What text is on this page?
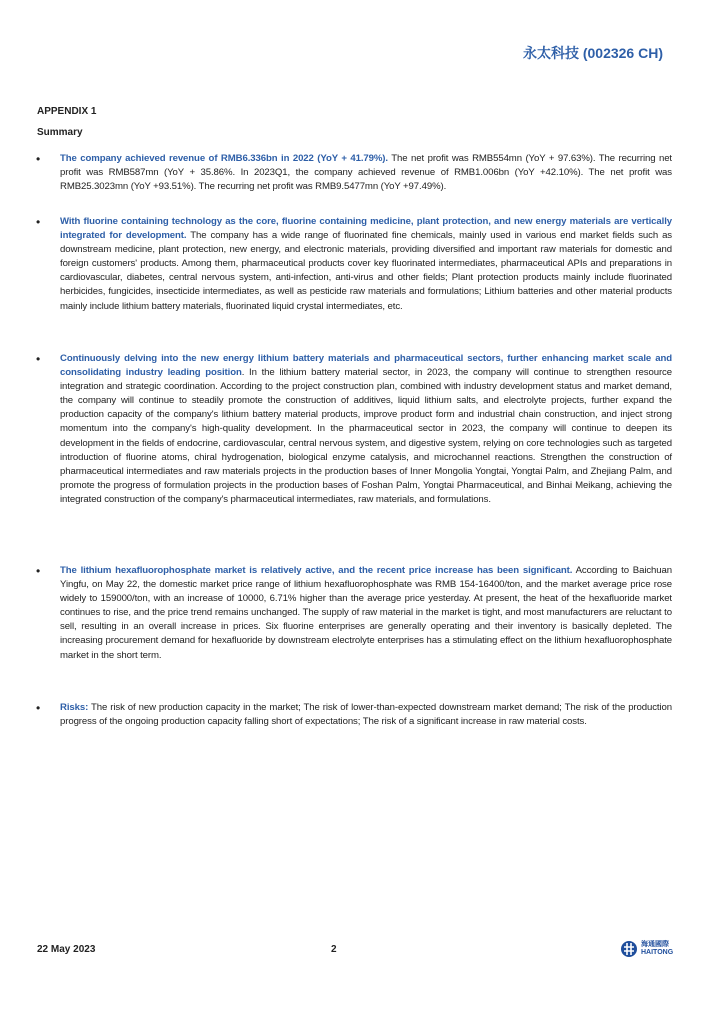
永太科技 (002326 CH)
APPENDIX 1
Summary
• The company achieved revenue of RMB6.336bn in 2022 (YoY + 41.79%). The net profit was RMB554mn (YoY + 97.63%). The recurring net profit was RMB587mn (YoY + 35.86%. In 2023Q1, the company achieved revenue of RMB1.006bn (YoY +42.10%). The net profit was RMB25.3023mn (YoY +93.51%). The recurring net profit was RMB9.5477mn (YoY +97.49%).
• With fluorine containing technology as the core, fluorine containing medicine, plant protection, and new energy materials are vertically integrated for development. The company has a wide range of fluorinated fine chemicals, mainly used in various end market fields such as downstream medicine, plant protection, new energy, and electronic materials, providing diversified and important raw materials for domestic and foreign customers' products. Among them, pharmaceutical products cover key fluorinated intermediates, pharmaceutical APIs and preparations in cardiovascular, diabetes, central nervous system, anti-infection, anti-virus and other fields; Plant protection products mainly include fluorinated herbicides, fungicides, insecticide intermediates, as well as pesticide raw materials and formulations; Lithium batteries and other material products mainly include lithium battery materials, fluorinated liquid crystal intermediates, etc.
• Continuously delving into the new energy lithium battery materials and pharmaceutical sectors, further enhancing market scale and consolidating industry leading position. In the lithium battery material sector, in 2023, the company will continue to strengthen resource integration and strategic coordination. According to the project construction plan, combined with industry development status and market demand, the company will continue to steadily promote the construction of additives, liquid lithium salts, and electrolyte projects, further expand the production capacity of the company's lithium battery material products, improve product form and industrial chain construction, and inject strong momentum into the company's high-quality development. In the pharmaceutical sector in 2023, the company will continue to deepen its development in the fields of endocrine, cardiovascular, central nervous system, and digestive system, relying on core technologies such as targeted introduction of fluorine atoms, chiral hydrogenation, biological enzyme catalysis, and microchannel reactions. Strengthen the construction of pharmaceutical intermediates and raw materials projects in the production bases of Inner Mongolia Yongtai, Yongtai Palm, and Zhejiang Palm, and promote the progress of formulation projects in the production bases of Foshan Palm, Yongtai Pharmaceutical, and Binhai Meikang, achieving the integrated construction of the company's pharmaceutical intermediates, raw materials, and formulations.
• The lithium hexafluorophosphate market is relatively active, and the recent price increase has been significant. According to Baichuan Yingfu, on May 22, the domestic market price range of lithium hexafluorophosphate was RMB 154-16400/ton, and the market average price rose widely to 159000/ton, with an increase of 10000, 6.71% higher than the average price yesterday. At present, the heat of the hexafluoride market continues to rise, and the price trend remains unchanged. The supply of raw material in the market is tight, and most manufacturers are reluctant to sell, resulting in an overall increase in prices. Six fluorine enterprises are generally operating and their inventory is basically depleted. The increasing procurement demand for hexafluoride by downstream electrolyte enterprises has a stimulating effect on the lithium hexafluorophosphate market in the short term.
• Risks: The risk of new production capacity in the market; The risk of lower-than-expected downstream market demand; The risk of the production progress of the ongoing production capacity falling short of expectations; The risk of a significant increase in raw material costs.
22 May 2023	2	海通國際
HAITONG
